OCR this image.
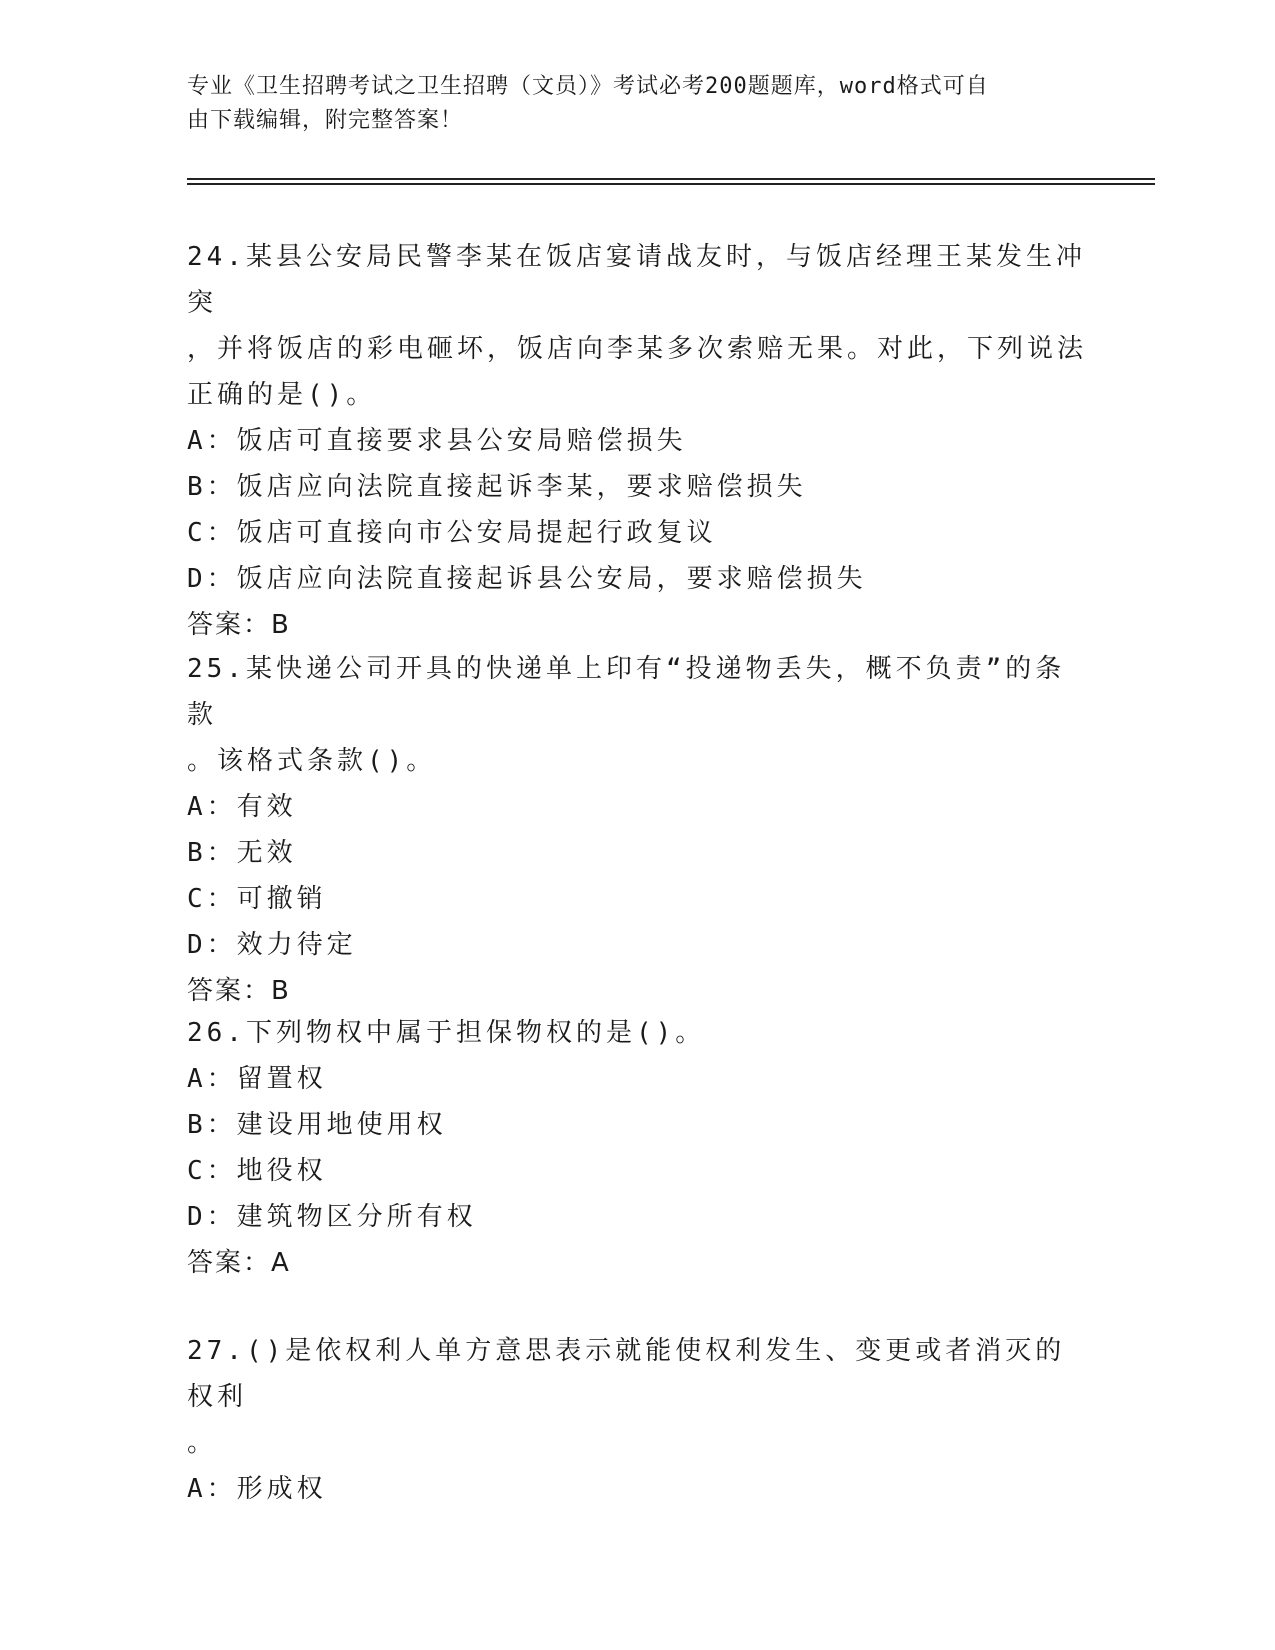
专业《卫生招聘考试之卫生招聘（文员）》考试必考200题题库，word格式可自
由下载编辑，附完整答案！

24.某县公安局民警李某在饭店宴请战友时，与饭店经理王某发生冲突

，并将饭店的彩电砸坏，饭店向李某多次索赔无果。对此，下列说法

正确的是()。

A：饭店可直接要求县公安局赔偿损失

B：饭店应向法院直接起诉李某，要求赔偿损失

C：饭店可直接向市公安局提起行政复议

D：饭店应向法院直接起诉县公安局，要求赔偿损失

答案：B

25.某快递公司开具的快递单上印有“投递物丢失，概不负责”的条款

。该格式条款()。

A：有效

B：无效

C：可撤销

D：效力待定

答案：B

26.下列物权中属于担保物权的是()。

A：留置权

B：建设用地使用权

C：地役权

D：建筑物区分所有权

答案：A

27.()是依权利人单方意思表示就能使权利发生、变更或者消灭的权利

。

A：形成权
